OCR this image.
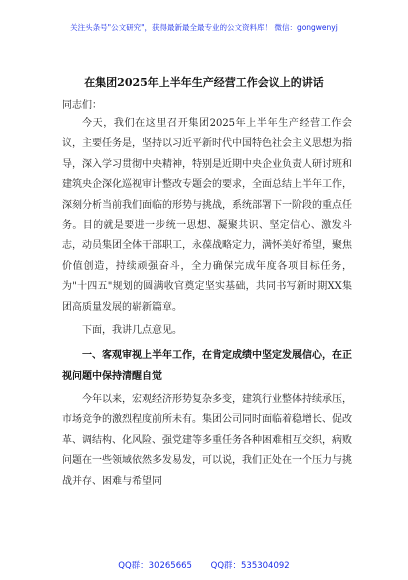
关注头条号"公文研究"，获得最新最全最专业的公文资料库！ 微信：gongwenyj
在集团2025年上半年生产经营工作会议上的讲话
同志们：

今天，我们在这里召开集团2025年上半年生产经营工作会议，主要任务是，坚持以习近平新时代中国特色社会主义思想为指导，深入学习贯彻中央精神，特别是近期中央企业负责人研讨班和建筑央企深化巡视审计整改专题会的要求，全面总结上半年工作，深刻分析当前我们面临的形势与挑战，系统部署下一阶段的重点任务。目的就是要进一步统一思想、凝聚共识、坚定信心、激发斗志，动员集团全体干部职工，永葆战略定力，满怀美好希望，聚焦价值创造，持续顽强奋斗，全力确保完成年度各项目标任务，为"十四五"规划的圆满收官奠定坚实基础，共同书写新时期XX集团高质量发展的崭新篇章。

下面，我讲几点意见。

一、客观审视上半年工作，在肯定成绩中坚定发展信心，在正视问题中保持清醒自觉

今年以来，宏观经济形势复杂多变，建筑行业整体持续承压，市场竞争的激烈程度前所未有。集团公司同时面临着稳增长、促改革、调结构、化风险、强党建等多重任务各种困难相互交织，病败问题在一些领域依然多发易发，可以说，我们正处在一个压力与挑战并存、困难与希望同

QQ群：30265665 QQ群：535304092
